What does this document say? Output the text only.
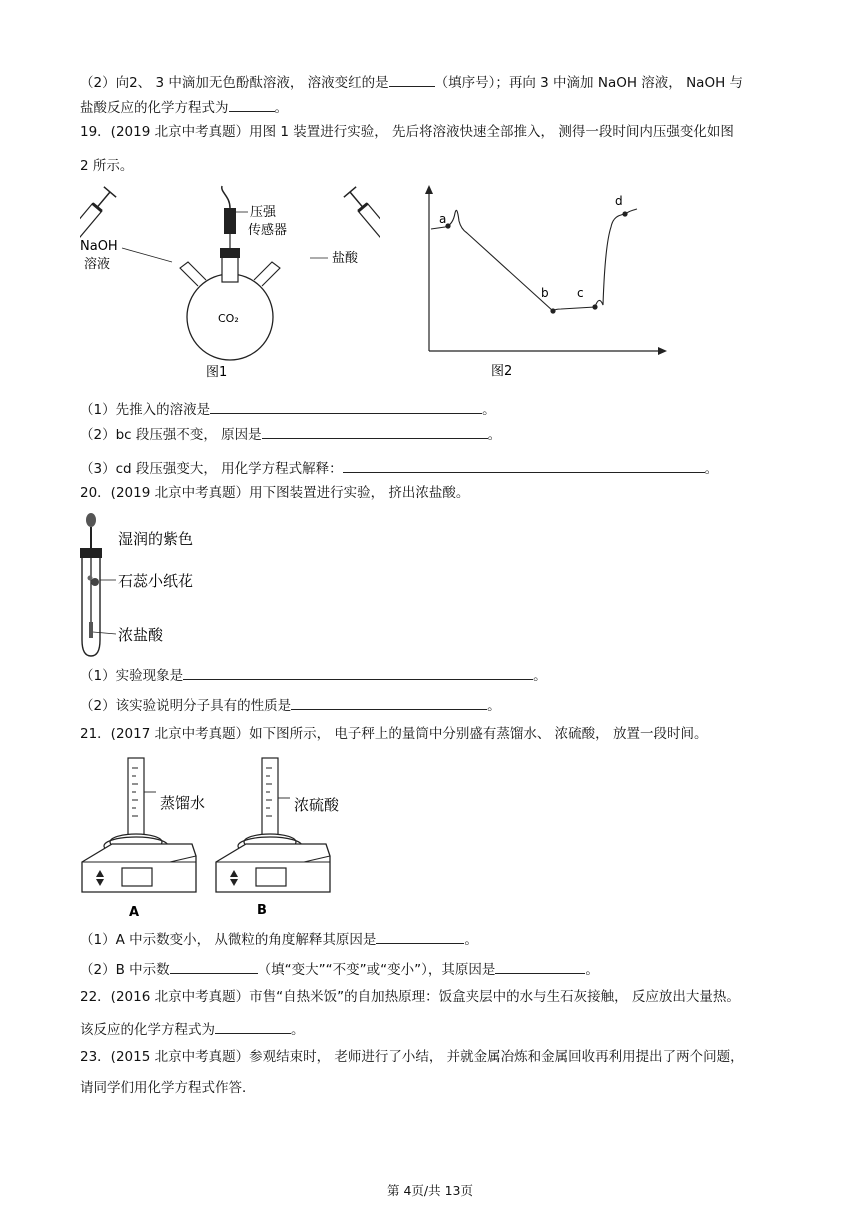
（2）向2、 3 中滴加无色酚酞溶液， 溶液变红的是	（填序号）；再向 3 中滴加 NaOH 溶液， NaOH 与
盐酸反应的化学方程式为	。
19．(2019 北京中考真题）用图 1 装置进行实验， 先后将溶液快速全部推入， 测得一段时间内压强变化如图
2 所示。
NaOH
溶液
压强
传感器
盐酸
CO₂
图1
a
b c
d
图2
（1）先推入的溶液是	。
（2）bc 段压强不变， 原因是	。
（3）cd 段压强变大， 用化学方程式解释：	。
20．(2019 北京中考真题）用下图装置进行实验， 挤出浓盐酸。
湿润的紫色
石蕊小纸花
浓盐酸
（1）实验现象是	。
（2）该实验说明分子具有的性质是	。
21．(2017 北京中考真题）如下图所示， 电子秤上的量筒中分别盛有蒸馏水、 浓硫酸， 放置一段时间。
蒸馏水	浓硫酸
A	B
（1）A 中示数变小， 从微粒的角度解释其原因是	。
（2）B 中示数	（填“变大”“不变”或“变小”），其原因是	。
22．(2016 北京中考真题）市售“自热米饭”的自加热原理：饭盒夹层中的水与生石灰接触， 反应放出大量热。
该反应的化学方程式为	。
23．(2015 北京中考真题）参观结束时， 老师进行了小结， 并就金属冶炼和金属回收再利用提出了两个问题，
请同学们用化学方程式作答．
第 4页/共 13页
